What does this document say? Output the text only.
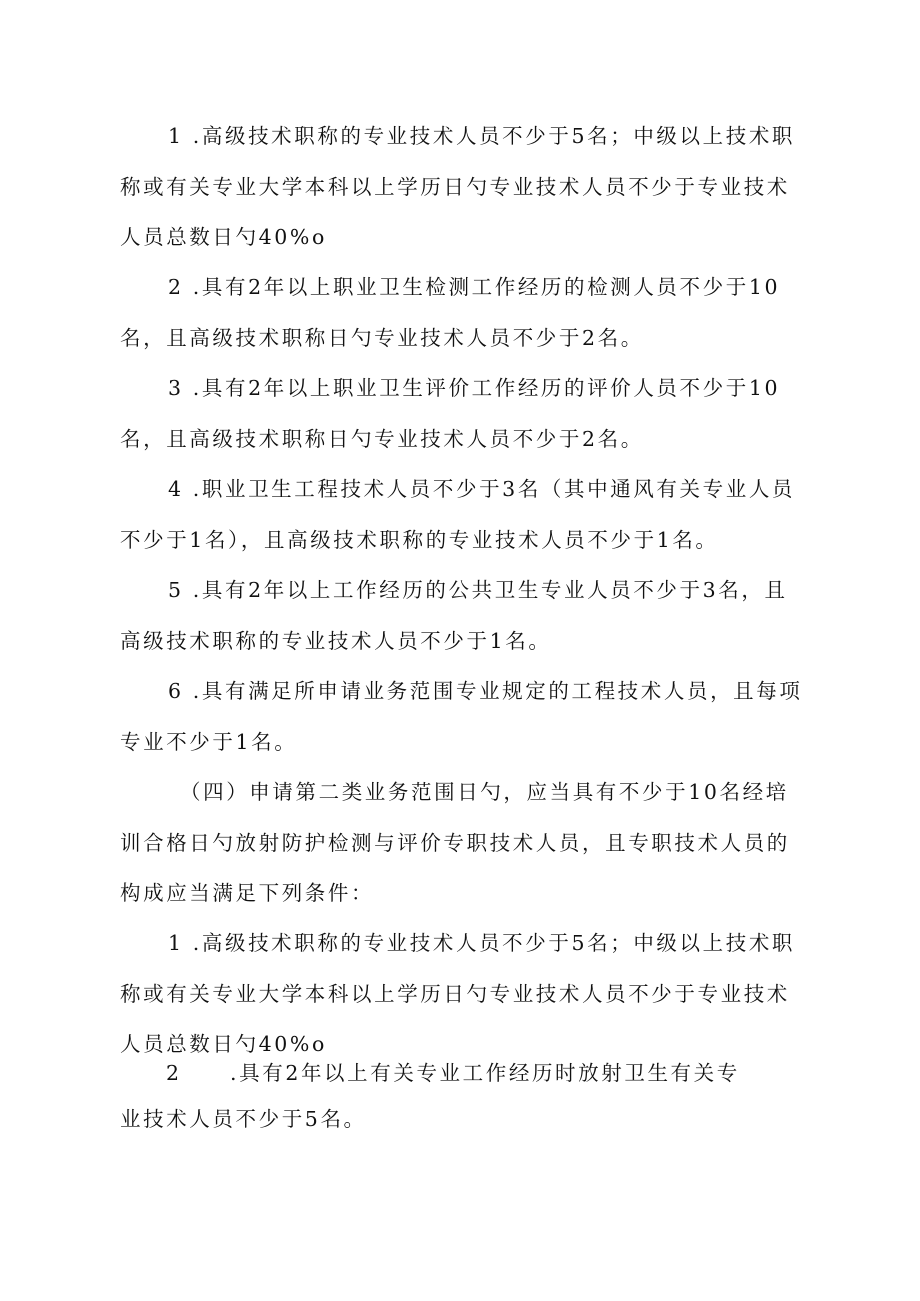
1 .高级技术职称的专业技术人员不少于5名；中级以上技术职称或有关专业大学本科以上学历日勺专业技术人员不少于专业技术人员总数日勺40%o

2 .具有2年以上职业卫生检测工作经历的检测人员不少于10名，且高级技术职称日勺专业技术人员不少于2名。

3 .具有2年以上职业卫生评价工作经历的评价人员不少于10名，且高级技术职称日勺专业技术人员不少于2名。

4 .职业卫生工程技术人员不少于3名（其中通风有关专业人员不少于1名），且高级技术职称的专业技术人员不少于1名。

5 .具有2年以上工作经历的公共卫生专业人员不少于3名，且高级技术职称的专业技术人员不少于1名。

6 .具有满足所申请业务范围专业规定的工程技术人员，且每项专业不少于1名。

（四）申请第二类业务范围日勺，应当具有不少于10名经培训合格日勺放射防护检测与评价专职技术人员，且专职技术人员的构成应当满足下列条件：

1 .高级技术职称的专业技术人员不少于5名；中级以上技术职称或有关专业大学本科以上学历日勺专业技术人员不少于专业技术人员总数日勺40%o

2 .具有2年以上有关专业工作经历时放射卫生有关专
业技术人员不少于5名。
